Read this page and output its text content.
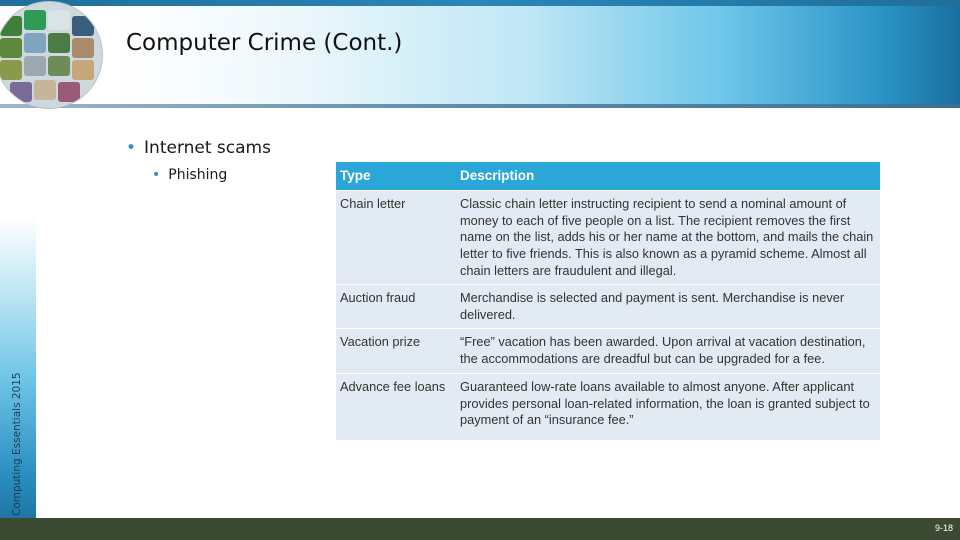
Computer Crime (Cont.)
Computing Essentials 2015
• Internet scams
• Phishing	Type	Description
Chain letter	Classic chain letter instructing recipient to send a nominal amount of money to each of five people on a list. The recipient removes the first name on the list, adds his or her name at the bottom, and mails the chain letter to five friends. This is also known as a pyramid scheme. Almost all chain letters are fraudulent and illegal.
Auction fraud	Merchandise is selected and payment is sent. Merchandise is never delivered.
Vacation prize	“Free” vacation has been awarded. Upon arrival at vacation destination, the accommodations are dreadful but can be upgraded for a fee.
Advance fee loans	Guaranteed low-rate loans available to almost anyone. After applicant provides personal loan-related information, the loan is granted subject to payment of an “insurance fee.”
9-18
